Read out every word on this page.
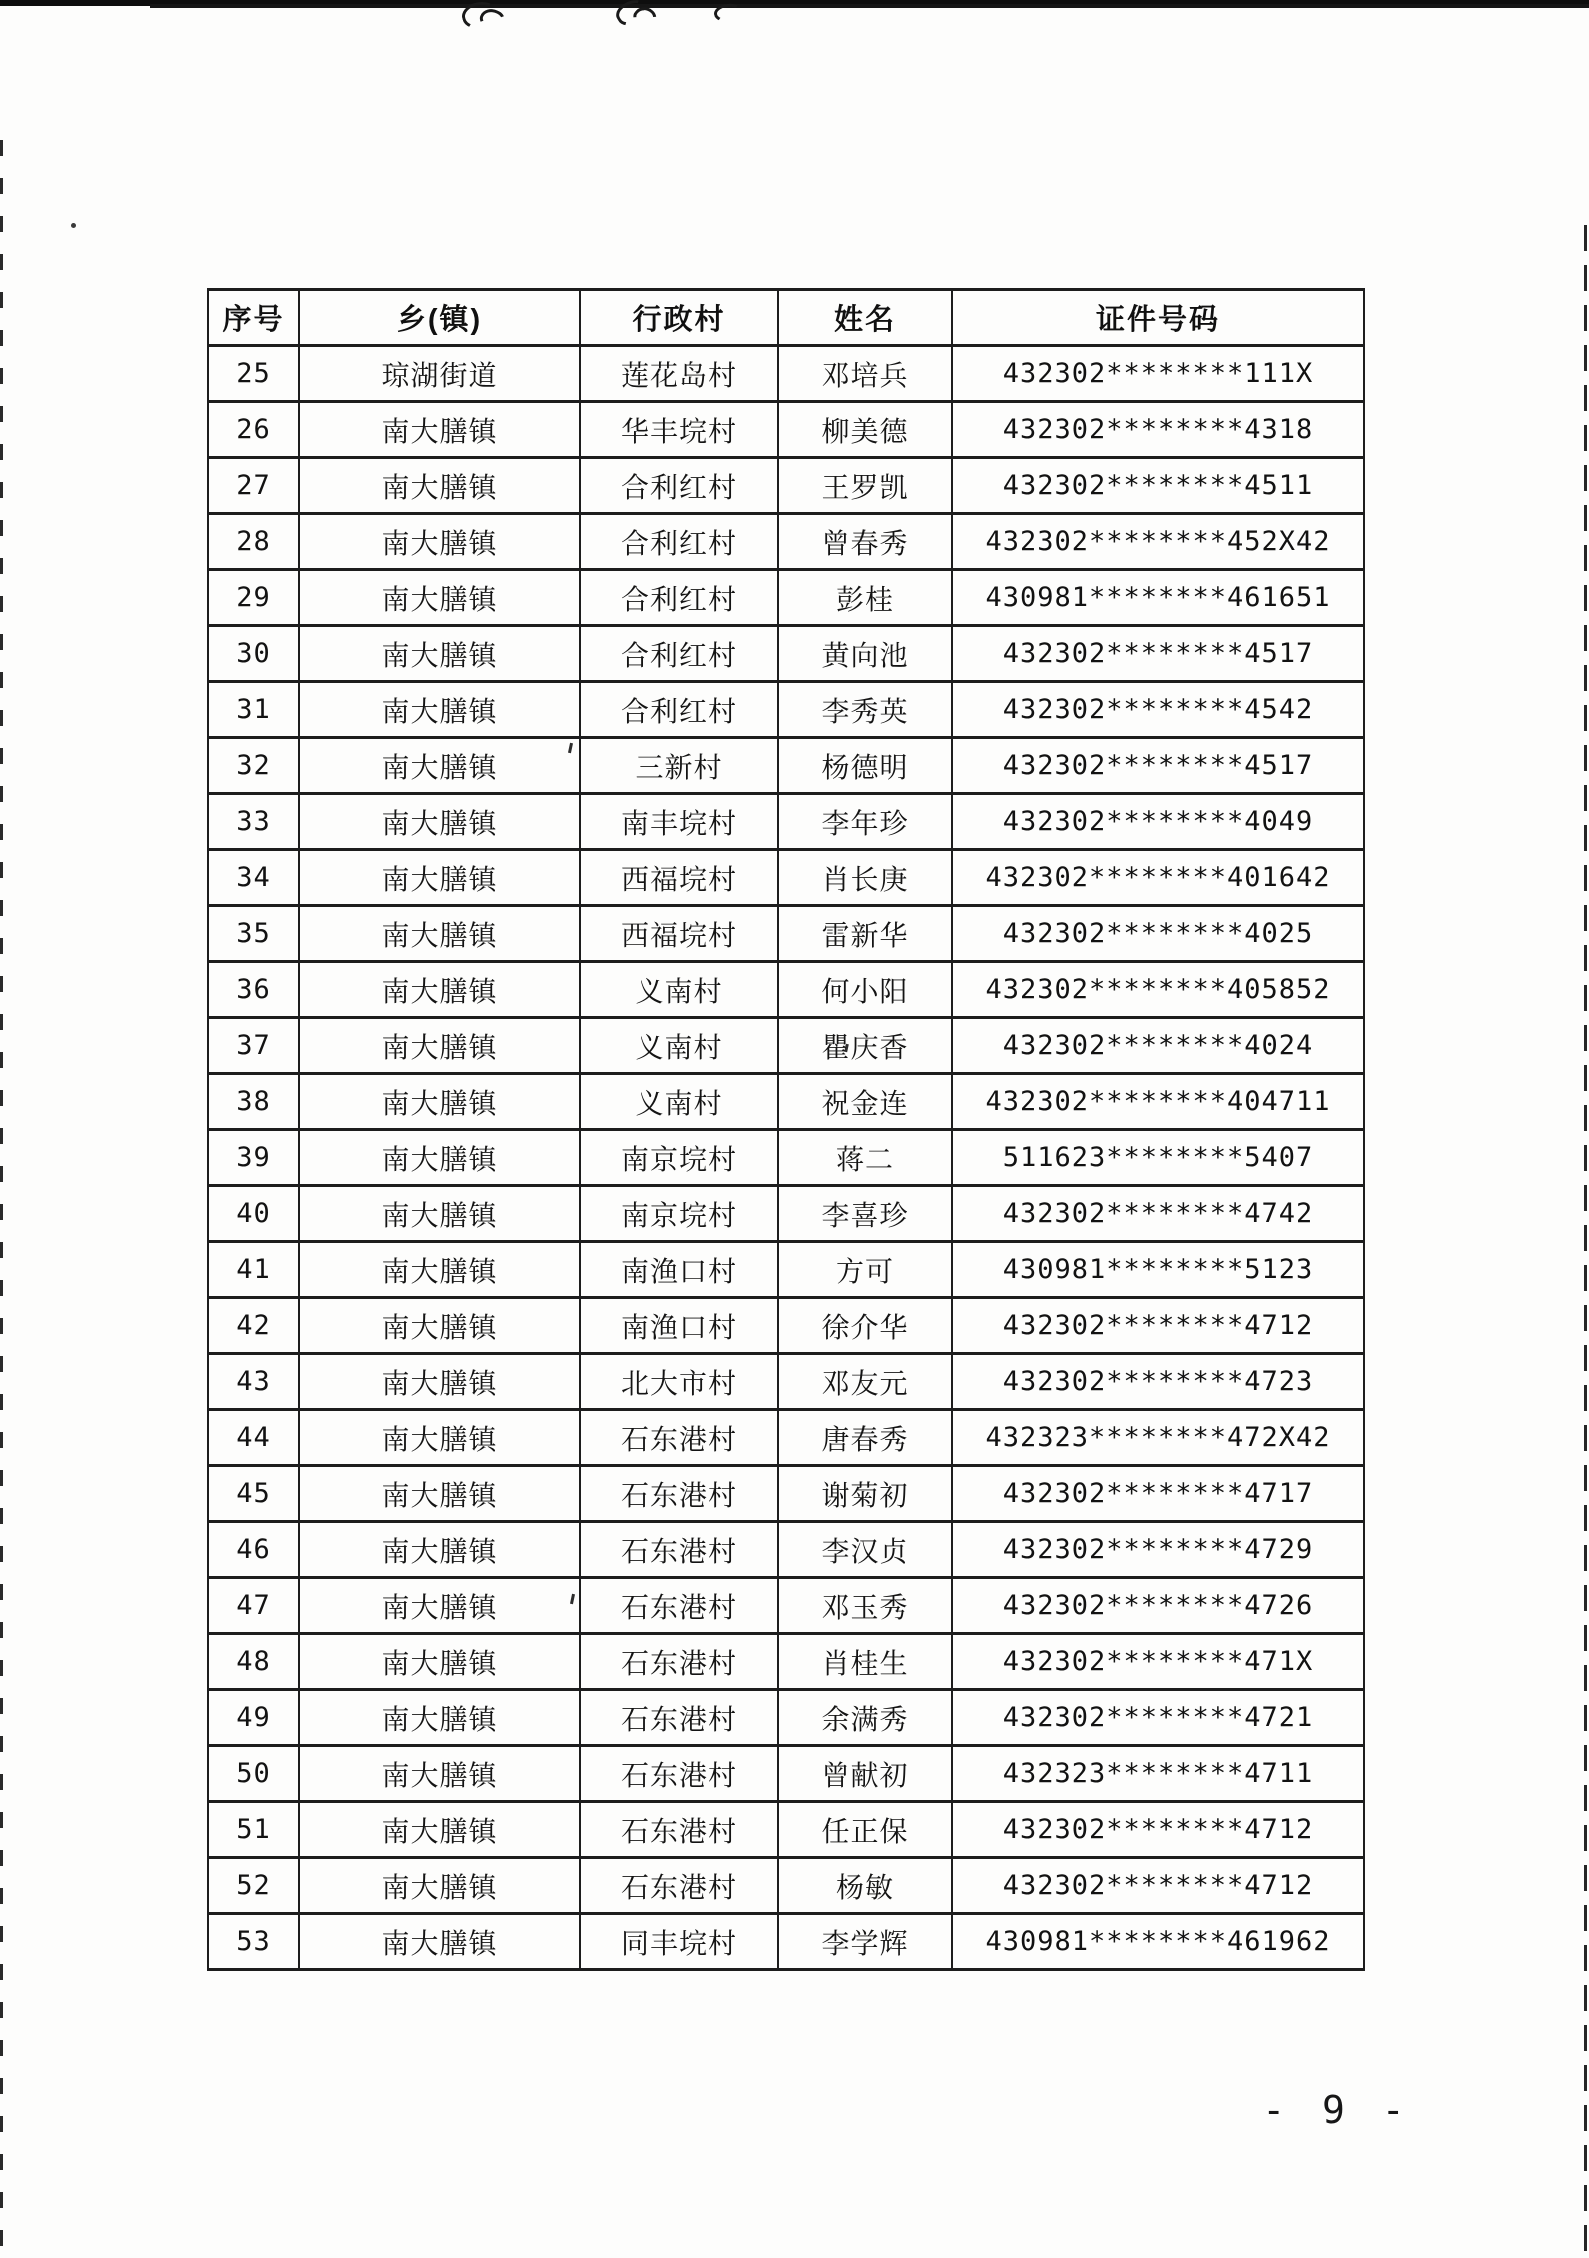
序号	乡(镇)	行政村	姓名	证件号码
25	琼湖街道	莲花岛村	邓培兵	432302********111X
26	南大膳镇	华丰垸村	柳美德	432302********4318
27	南大膳镇	合利红村	王罗凯	432302********4511
28	南大膳镇	合利红村	曾春秀	432302********452X42
29	南大膳镇	合利红村	彭桂	430981********461651
30	南大膳镇	合利红村	黄向池	432302********4517
31	南大膳镇	合利红村	李秀英	432302********4542
32	南大膳镇	三新村	杨德明	432302********4517
33	南大膳镇	南丰垸村	李年珍	432302********4049
34	南大膳镇	西福垸村	肖长庚	432302********401642
35	南大膳镇	西福垸村	雷新华	432302********4025
36	南大膳镇	义南村	何小阳	432302********405852
37	南大膳镇	义南村	瞿庆香	432302********4024
38	南大膳镇	义南村	祝金连	432302********404711
39	南大膳镇	南京垸村	蒋二	511623********5407
40	南大膳镇	南京垸村	李喜珍	432302********4742
41	南大膳镇	南渔口村	方可	430981********5123
42	南大膳镇	南渔口村	徐介华	432302********4712
43	南大膳镇	北大市村	邓友元	432302********4723
44	南大膳镇	石东港村	唐春秀	432323********472X42
45	南大膳镇	石东港村	谢菊初	432302********4717
46	南大膳镇	石东港村	李汉贞	432302********4729
47	南大膳镇	石东港村	邓玉秀	432302********4726
48	南大膳镇	石东港村	肖桂生	432302********471X
49	南大膳镇	石东港村	余满秀	432302********4721
50	南大膳镇	石东港村	曾献初	432323********4711
51	南大膳镇	石东港村	任正保	432302********4712
52	南大膳镇	石东港村	杨敏	432302********4712
53	南大膳镇	同丰垸村	李学辉	430981********461962
- 9 -
